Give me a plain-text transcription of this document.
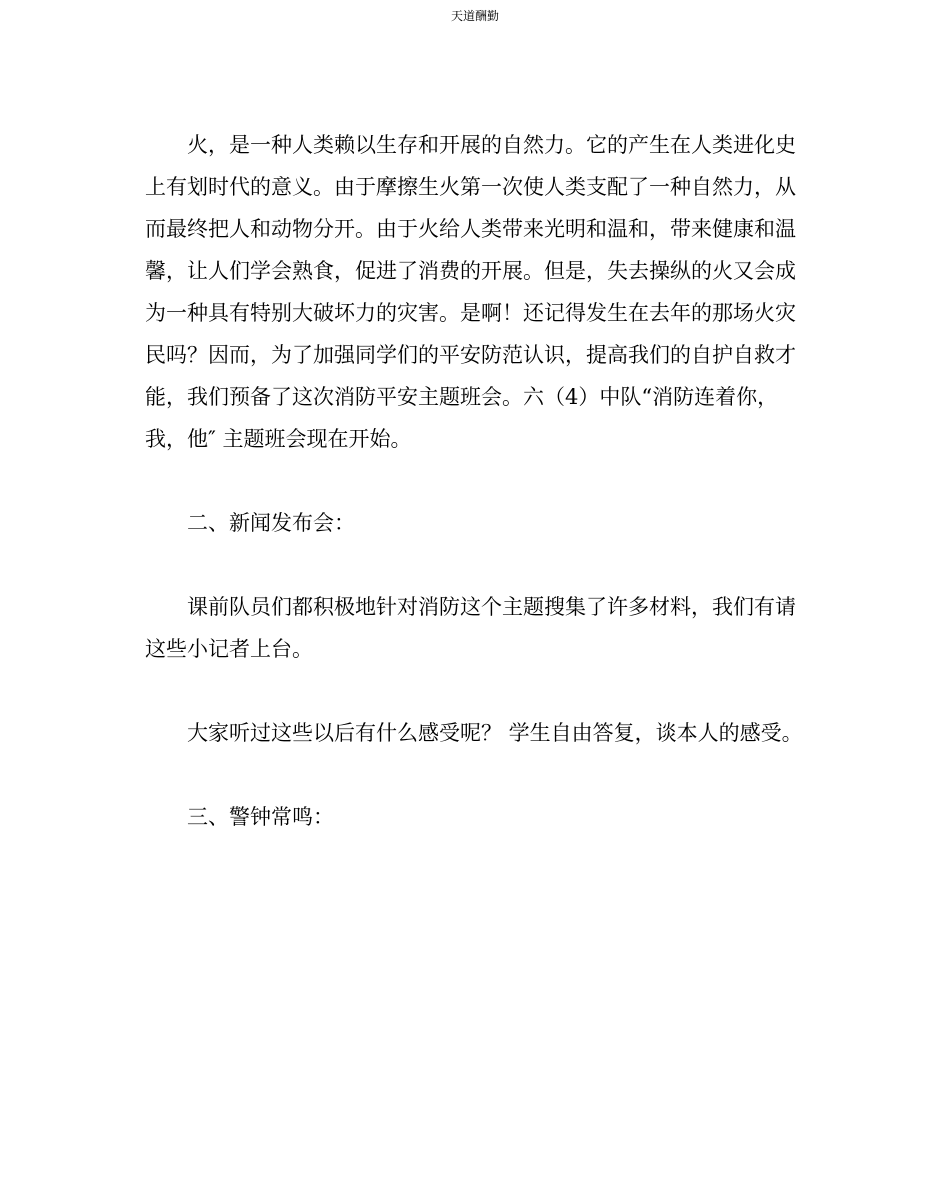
天道酬勤

火，是一种人类赖以生存和开展的自然力。它的产生在人类进化史上有划时代的意义。由于摩擦生火第一次使人类支配了一种自然力，从而最终把人和动物分开。由于火给人类带来光明和温和，带来健康和温馨，让人们学会熟食，促进了消费的开展。但是，失去操纵的火又会成为一种具有特别大破坏力的灾害。是啊！还记得发生在去年的那场火灾民吗？因而，为了加强同学们的平安防范认识，提高我们的自护自救才能，我们预备了这次消防平安主题班会。六（4）中队“消防连着你，我，他″ 主题班会现在开始。

二、新闻发布会：

课前队员们都积极地针对消防这个主题搜集了许多材料，我们有请这些小记者上台。

大家听过这些以后有什么感受呢？ 学生自由答复，谈本人的感受。

三、警钟常鸣：
